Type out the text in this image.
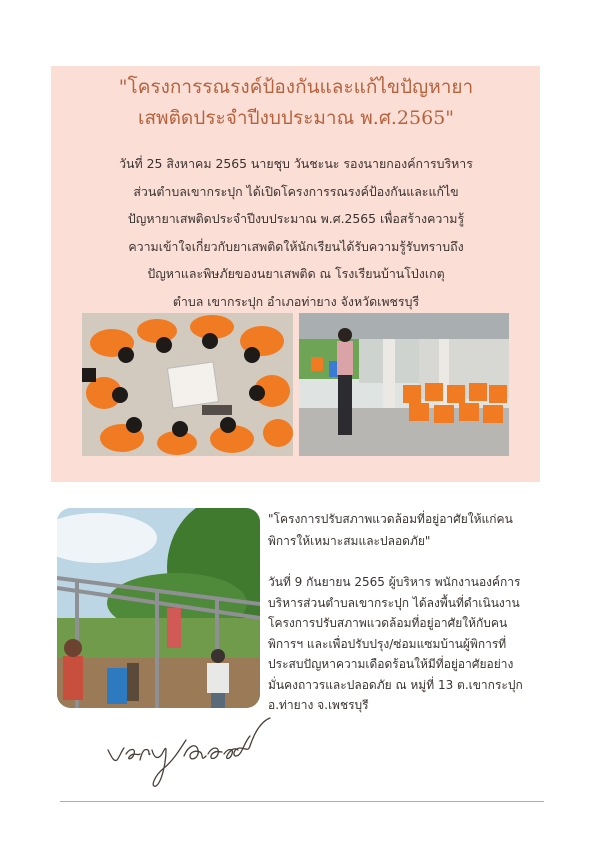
"โครงการรณรงค์ป้องกันและแก้ไขปัญหายา
เสพติดประจำปีงบประมาณ พ.ศ.2565"
วันที่ 25 สิงหาคม 2565 นายชุบ วันชะนะ รองนายกองค์การบริหาร
ส่วนตำบลเขากระปุก ได้เปิดโครงการรณรงค์ป้องกันและแก้ไข
ปัญหายาเสพติดประจำปีงบประมาณ พ.ศ.2565 เพื่อสร้างความรู้
ความเข้าใจเกี่ยวกับยาเสพติดให้นักเรียนได้รับความรู้รับทราบถึง
ปัญหาและพิษภัยของนยาเสพติด ณ โรงเรียนบ้านโป่งเกตุ
ตำบล เขากระปุก อำเภอท่ายาง จังหวัดเพชรบุรี
"โครงการปรับสภาพแวดล้อมที่อยู่อาศัยให้แก่คน
พิการให้เหมาะสมและปลอดภัย"
วันที่ 9 กันยายน 2565 ผู้บริหาร พนักงานองค์การ
บริหารส่วนตำบลเขากระปุก ได้ลงพื้นที่ดำเนินงาน
โครงการปรับสภาพแวดล้อมที่อยู่อาศัยให้กับคน
พิการฯ และเพื่อปรับปรุง/ซ่อมแซมบ้านผู้พิการที่
ประสบปัญหาความเดือดร้อนให้มีที่อยู่อาศัยอย่าง
มั่นคงถาวรและปลอดภัย ณ หมู่ที่ 13 ต.เขากระปุก
อ.ท่ายาง จ.เพชรบุรี
